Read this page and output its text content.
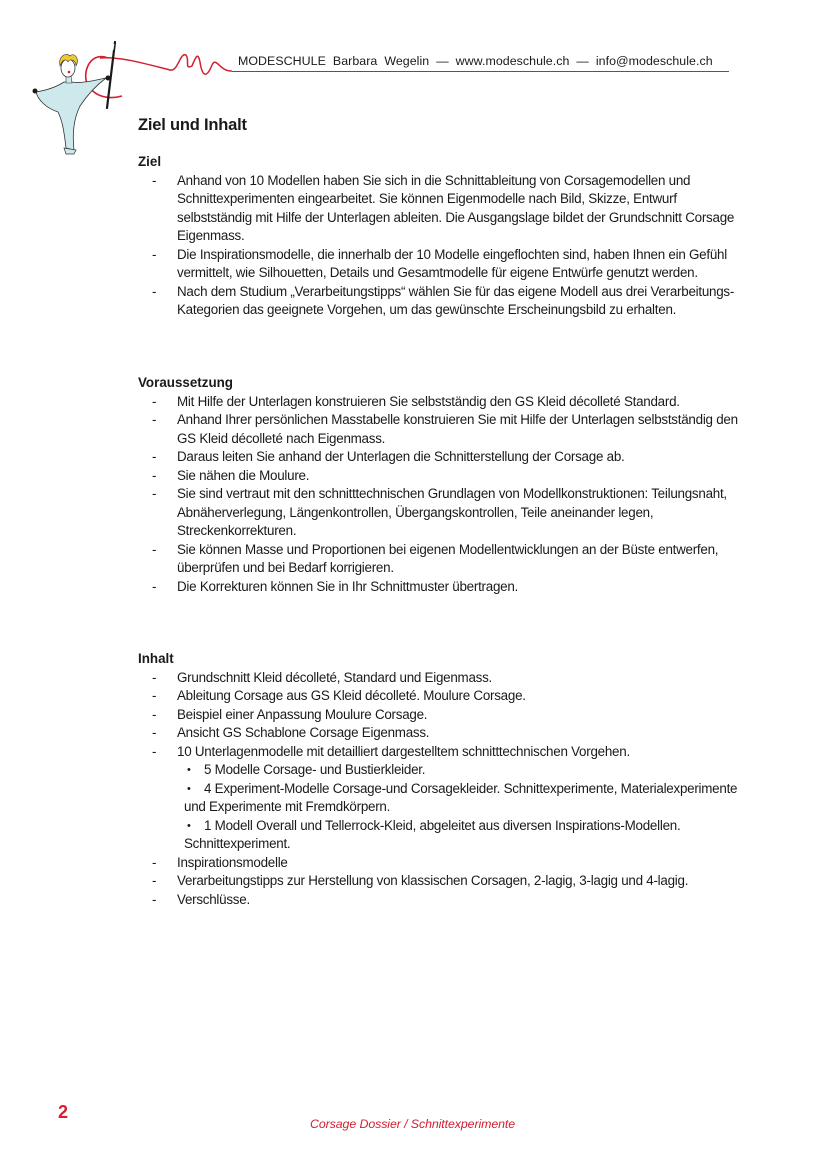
MODESCHULE  Barbara  Wegelin  —  www.modeschule.ch  —  info@modeschule.ch
Ziel und Inhalt
Ziel
- Anhand von 10 Modellen haben Sie sich in die Schnittableitung von Corsagemodellen und Schnittexperimenten eingearbeitet. Sie können Eigenmodelle nach Bild, Skizze, Entwurf selbstständig mit Hilfe der Unterlagen ableiten. Die Ausgangslage bildet der Grundschnitt Corsage Eigenmass.
- Die Inspirationsmodelle, die innerhalb der 10 Modelle eingeflochten sind, haben Ihnen ein Gefühl vermittelt, wie Silhouetten, Details und Gesamtmodelle für eigene Entwürfe genutzt werden.
- Nach dem Studium „Verarbeitungstipps“ wählen Sie für das eigene Modell aus drei Verarbeitungs-Kategorien das geeignete Vorgehen, um das gewünschte Erscheinungsbild zu erhalten.
Voraussetzung
- Mit Hilfe der Unterlagen konstruieren Sie selbstständig den GS Kleid décolleté Standard.
- Anhand Ihrer persönlichen Masstabelle konstruieren Sie mit Hilfe der Unterlagen selbstständig den GS Kleid décolleté nach Eigenmass.
- Daraus leiten Sie anhand der Unterlagen die Schnitterstellung der Corsage ab.
- Sie nähen die Moulure.
- Sie sind vertraut mit den schnitttechnischen Grundlagen von Modellkonstruktionen: Teilungsnaht, Abnäherverlegung, Längenkontrollen, Übergangskontrollen, Teile aneinander legen, Streckenkorrekturen.
- Sie können Masse und Proportionen bei eigenen Modellentwicklungen an der Büste entwerfen, überprüfen und bei Bedarf korrigieren.
- Die Korrekturen können Sie in Ihr Schnittmuster übertragen.
Inhalt
- Grundschnitt Kleid décolleté, Standard und Eigenmass.
- Ableitung Corsage aus GS Kleid décolleté. Moulure Corsage.
- Beispiel einer Anpassung Moulure Corsage.
- Ansicht GS Schablone Corsage Eigenmass.
- 10 Unterlagenmodelle mit detailliert dargestelltem schnitttechnischen Vorgehen.
• 5 Modelle Corsage- und Bustierkleider.
• 4 Experiment-Modelle Corsage-und Corsagekleider. Schnittexperimente, Materialexperimente und Experimente mit Fremdkörpern.
• 1 Modell Overall und Tellerrock-Kleid, abgeleitet aus diversen Inspirations-Modellen. Schnittexperiment.
- Inspirationsmodelle
- Verarbeitungstipps zur Herstellung von klassischen Corsagen, 2-lagig, 3-lagig und 4-lagig.
- Verschlüsse.
2
Corsage Dossier / Schnittexperimente
